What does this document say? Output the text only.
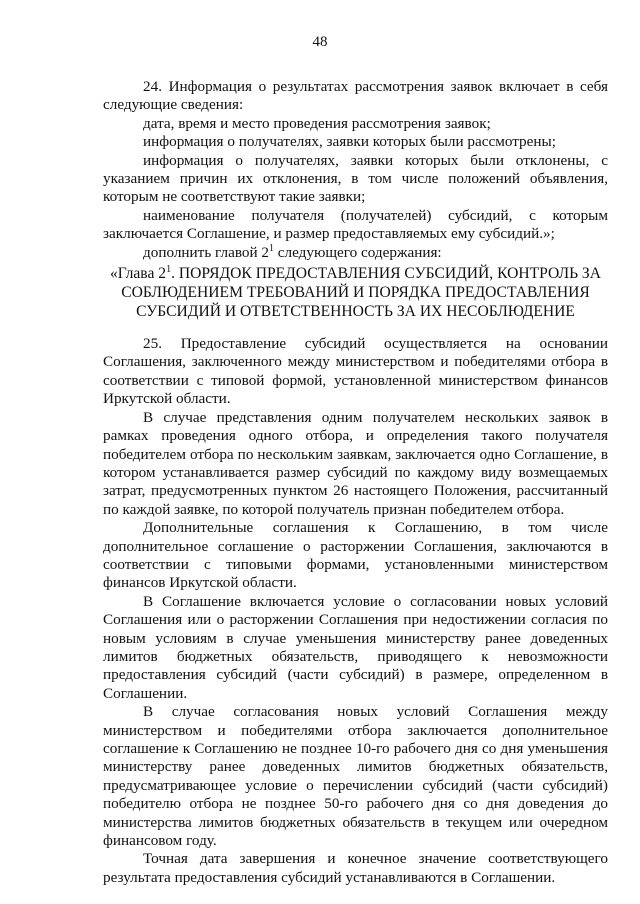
48

24. Информация о результатах рассмотрения заявок включает в себя следующие сведения:

дата, время и место проведения рассмотрения заявок;

информация о получателях, заявки которых были рассмотрены;

информация о получателях, заявки которых были отклонены, с указанием причин их отклонения, в том числе положений объявления, которым не соответствуют такие заявки;

наименование получателя (получателей) субсидий, с которым заключается Соглашение, и размер предоставляемых ему субсидий.»;

дополнить главой $2^1$ следующего содержания:

«Глава $2^1$. ПОРЯДОК ПРЕДОСТАВЛЕНИЯ СУБСИДИЙ, КОНТРОЛЬ ЗА СОБЛЮДЕНИЕМ ТРЕБОВАНИЙ И ПОРЯДКА ПРЕДОСТАВЛЕНИЯ СУБСИДИЙ И ОТВЕТСТВЕННОСТЬ ЗА ИХ НЕСОБЛЮДЕНИЕ

25. Предоставление субсидий осуществляется на основании Соглашения, заключенного между министерством и победителями отбора в соответствии с типовой формой, установленной министерством финансов Иркутской области.

В случае представления одним получателем нескольких заявок в рамках проведения одного отбора, и определения такого получателя победителем отбора по нескольким заявкам, заключается одно Соглашение, в котором устанавливается размер субсидий по каждому виду возмещаемых затрат, предусмотренных пунктом 26 настоящего Положения, рассчитанный по каждой заявке, по которой получатель признан победителем отбора.

Дополнительные соглашения к Соглашению, в том числе дополнительное соглашение о расторжении Соглашения, заключаются в соответствии с типовыми формами, установленными министерством финансов Иркутской области.

В Соглашение включается условие о согласовании новых условий Соглашения или о расторжении Соглашения при недостижении согласия по новым условиям в случае уменьшения министерству ранее доведенных лимитов бюджетных обязательств, приводящего к невозможности предоставления субсидий (части субсидий) в размере, определенном в Соглашении.

В случае согласования новых условий Соглашения между министерством и победителями отбора заключается дополнительное соглашение к Соглашению не позднее 10-го рабочего дня со дня уменьшения министерству ранее доведенных лимитов бюджетных обязательств, предусматривающее условие о перечислении субсидий (части субсидий) победителю отбора не позднее 50-го рабочего дня со дня доведения до министерства лимитов бюджетных обязательств в текущем или очередном финансовом году.

Точная дата завершения и конечное значение соответствующего результата предоставления субсидий устанавливаются в Соглашении.
